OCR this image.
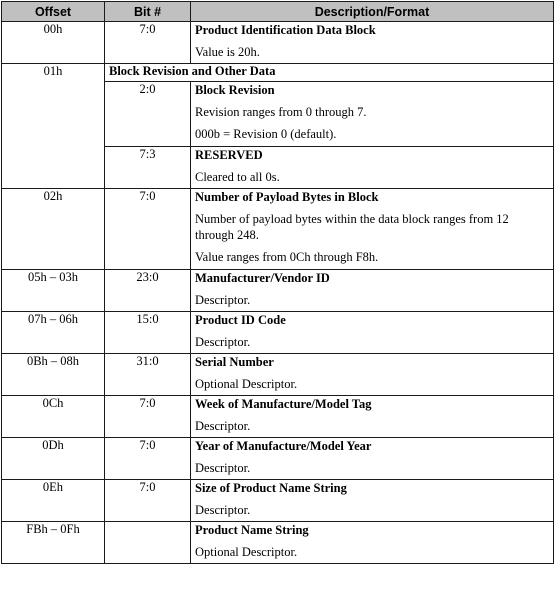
Offset	Bit #	Description/Format
00h	7:0	Product Identification Data Block
Value is 20h.

01h	Block Revision and Other Data	
	2:0	Block Revision
Revision ranges from 0 through 7.
000b = Revision 0 (default).

	7:3	RESERVED
Cleared to all 0s.

02h	7:0	Number of Payload Bytes in Block
Number of payload bytes within the data block ranges from 12 through 248.
Value ranges from 0Ch through F8h.

05h – 03h	23:0	Manufacturer/Vendor ID
Descriptor.

07h – 06h	15:0	Product ID Code
Descriptor.

0Bh – 08h	31:0	Serial Number
Optional Descriptor.

0Ch	7:0	Week of Manufacture/Model Tag
Descriptor.

0Dh	7:0	Year of Manufacture/Model Year
Descriptor.

0Eh	7:0	Size of Product Name String
Descriptor.

FBh – 0Fh		Product Name String
Optional Descriptor.
